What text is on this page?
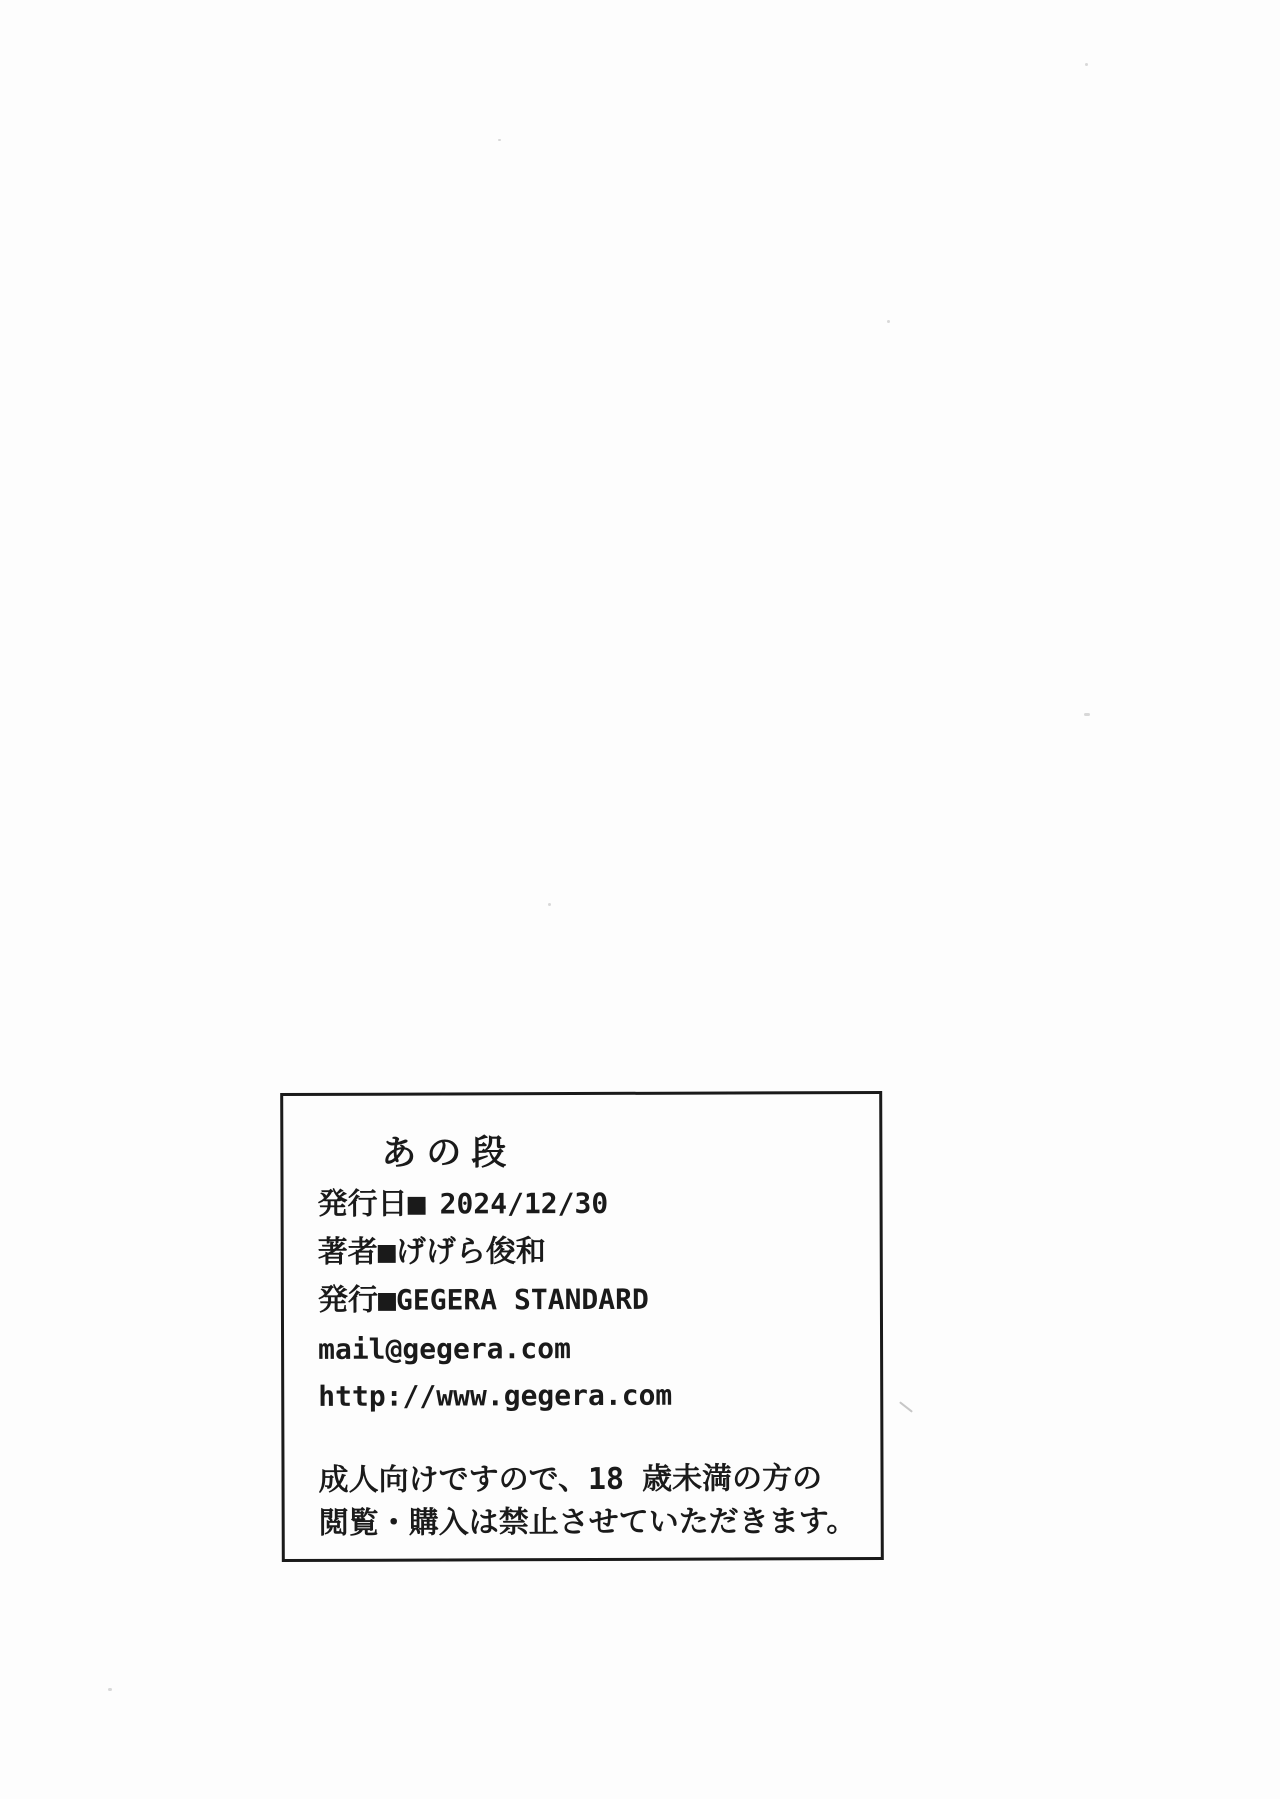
あの段
発行日■ 2024/12/30
著者■げげら俊和
発行■GEGERA STANDARD
mail@gegera.com
http://www.gegera.com
成人向けですので、18 歳未満の方の
閲覧・購入は禁止させていただきます。
